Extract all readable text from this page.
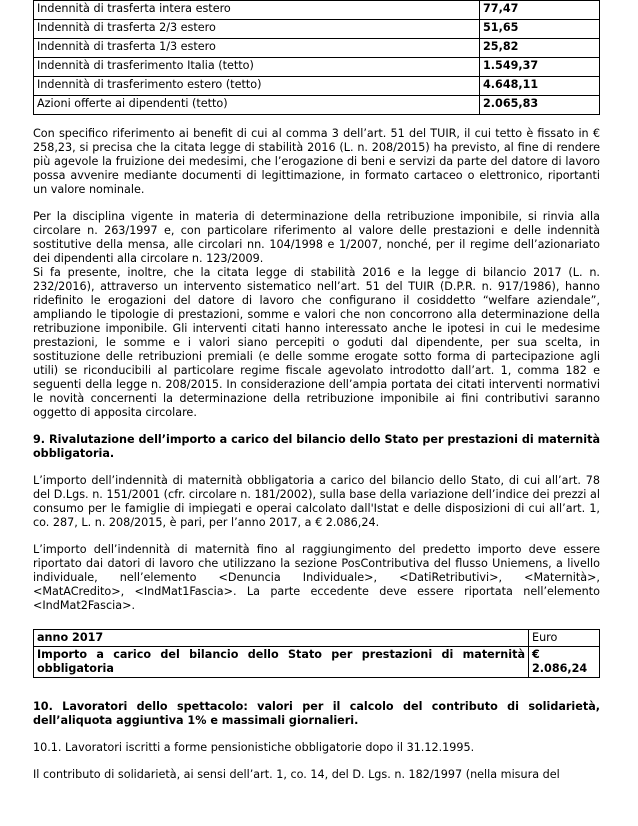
Indennità di trasferta intera estero	77,47
Indennità di trasferta 2/3 estero	51,65
Indennità di trasferta 1/3 estero	25,82
Indennità di trasferimento Italia (tetto)	1.549,37
Indennità di trasferimento estero (tetto)	4.648,11
Azioni offerte ai dipendenti (tetto)	2.065,83

Con specifico riferimento ai benefit di cui al comma 3 dell’art. 51 del TUIR, il cui tetto è fissato in € 258,23, si precisa che la citata legge di stabilità 2016 (L. n. 208/2015) ha previsto, al fine di rendere più agevole la fruizione dei medesimi, che l’erogazione di beni e servizi da parte del datore di lavoro possa avvenire mediante documenti di legittimazione, in formato cartaceo o elettronico, riportanti un valore nominale.

Per la disciplina vigente in materia di determinazione della retribuzione imponibile, si rinvia alla circolare n. 263/1997 e, con particolare riferimento al valore delle prestazioni e delle indennità sostitutive della mensa, alle circolari nn. 104/1998 e 1/2007, nonché, per il regime dell’azionariato dei dipendenti alla circolare n. 123/2009.

Si fa presente, inoltre, che la citata legge di stabilità 2016 e la legge di bilancio 2017 (L. n. 232/2016), attraverso un intervento sistematico nell’art. 51 del TUIR (D.P.R. n. 917/1986), hanno ridefinito le erogazioni del datore di lavoro che configurano il cosiddetto “welfare aziendale”, ampliando le tipologie di prestazioni, somme e valori che non concorrono alla determinazione della retribuzione imponibile. Gli interventi citati hanno interessato anche le ipotesi in cui le medesime prestazioni, le somme e i valori siano percepiti o goduti dal dipendente, per sua scelta, in sostituzione delle retribuzioni premiali (e delle somme erogate sotto forma di partecipazione agli utili) se riconducibili al particolare regime fiscale agevolato introdotto dall’art. 1, comma 182 e seguenti della legge n. 208/2015. In considerazione dell’ampia portata dei citati interventi normativi le novità concernenti la determinazione della retribuzione imponibile ai fini contributivi saranno oggetto di apposita circolare.

9. Rivalutazione dell’importo a carico del bilancio dello Stato per prestazioni di maternità obbligatoria.

L’importo dell’indennità di maternità obbligatoria a carico del bilancio dello Stato, di cui all’art. 78 del D.Lgs. n. 151/2001 (cfr. circolare n. 181/2002), sulla base della variazione dell’indice dei prezzi al consumo per le famiglie di impiegati e operai calcolato dall'Istat e delle disposizioni di cui all’art. 1, co. 287, L. n. 208/2015, è pari, per l’anno 2017, a € 2.086,24.

L’importo dell’indennità di maternità fino al raggiungimento del predetto importo deve essere riportato dai datori di lavoro che utilizzano la sezione PosContributiva del flusso Uniemens, a livello individuale, nell’elemento <Denuncia Individuale>, <DatiRetributivi>, <Maternità>, <MatACredito>, <IndMat1Fascia>. La parte eccedente deve essere riportata nell’elemento <IndMat2Fascia>.

anno 2017	Euro
Importo a carico del bilancio dello Stato per prestazioni di maternità obbligatoria	€ 2.086,24

10. Lavoratori dello spettacolo: valori per il calcolo del contributo di solidarietà, dell’aliquota aggiuntiva 1% e massimali giornalieri.

10.1. Lavoratori iscritti a forme pensionistiche obbligatorie dopo il 31.12.1995.

Il contributo di solidarietà, ai sensi dell’art. 1, co. 14, del D. Lgs. n. 182/1997 (nella misura del
